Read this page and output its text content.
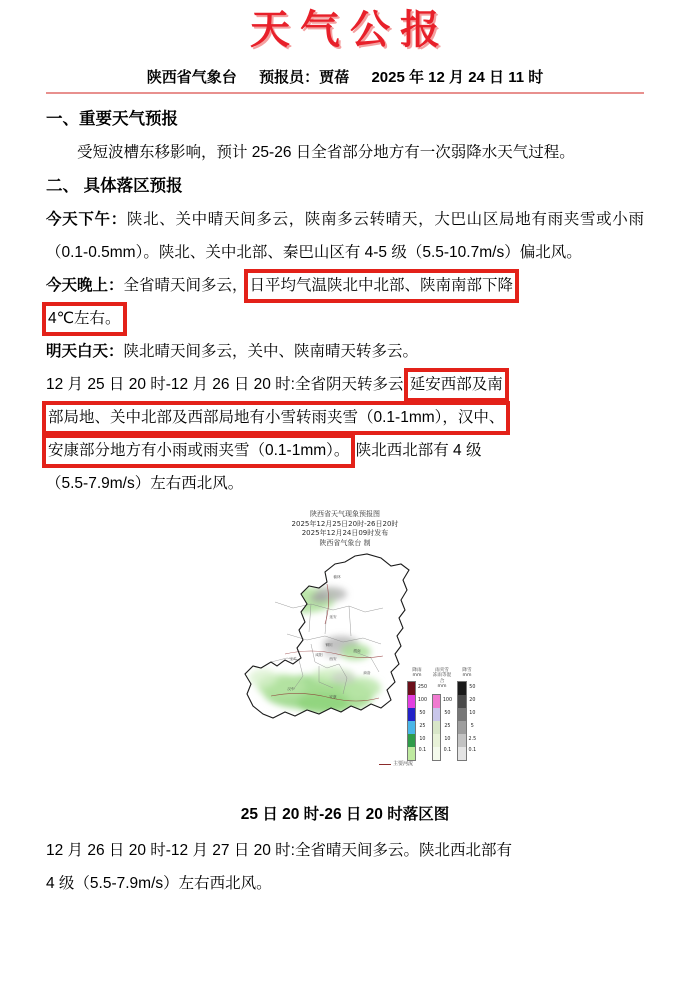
天气公报
陕西省气象台 预报员：贾蓓 2025 年 12 月 24 日 11 时

一、重要天气预报

受短波槽东移影响，预计 25-26 日全省部分地方有一次弱降水天气过程。

二、 具体落区预报

今天下午：陕北、关中晴天间多云，陕南多云转晴天，大巴山区局地有雨夹雪或小雨（0.1-0.5mm）。陕北、关中北部、秦巴山区有 4-5 级（5.5-10.7m/s）偏北风。

今天晚上：全省晴天间多云， 日平均气温陕北中北部、陕南南部下降
4℃左右。

明天白天：陕北晴天间多云，关中、陕南晴天转多云。

12 月 25 日 20 时-12 月 26 日 20 时:全省阴天转多云 延安西部及南
部局地、关中北部及西部局地有小雪转雨夹雪（0.1-1mm），汉中、
安康部分地方有小雨或雨夹雪（0.1-1mm）。 陕北西北部有 4 级
（5.5-7.9m/s）左右西北风。

陕西省天气现象预报图
2025年12月25日20时-26日20时
2025年12月24日09时发布
陕西省气象台 制
榆林
延安
铜川
宝鸡
咸阳
西安
渭南
汉中
安康
商洛
主要河流
降雨
mm
250
100
50
25
10
0.1
雨夹雪
冻雨等混合
mm
100
50
25
10
0.1
降雪
mm
50
20
10
5
2.5
0.1
25 日 20 时-26 日 20 时落区图

12 月 26 日 20 时-12 月 27 日 20 时:全省晴天间多云。陕北西北部有
4 级（5.5-7.9m/s）左右西北风。
